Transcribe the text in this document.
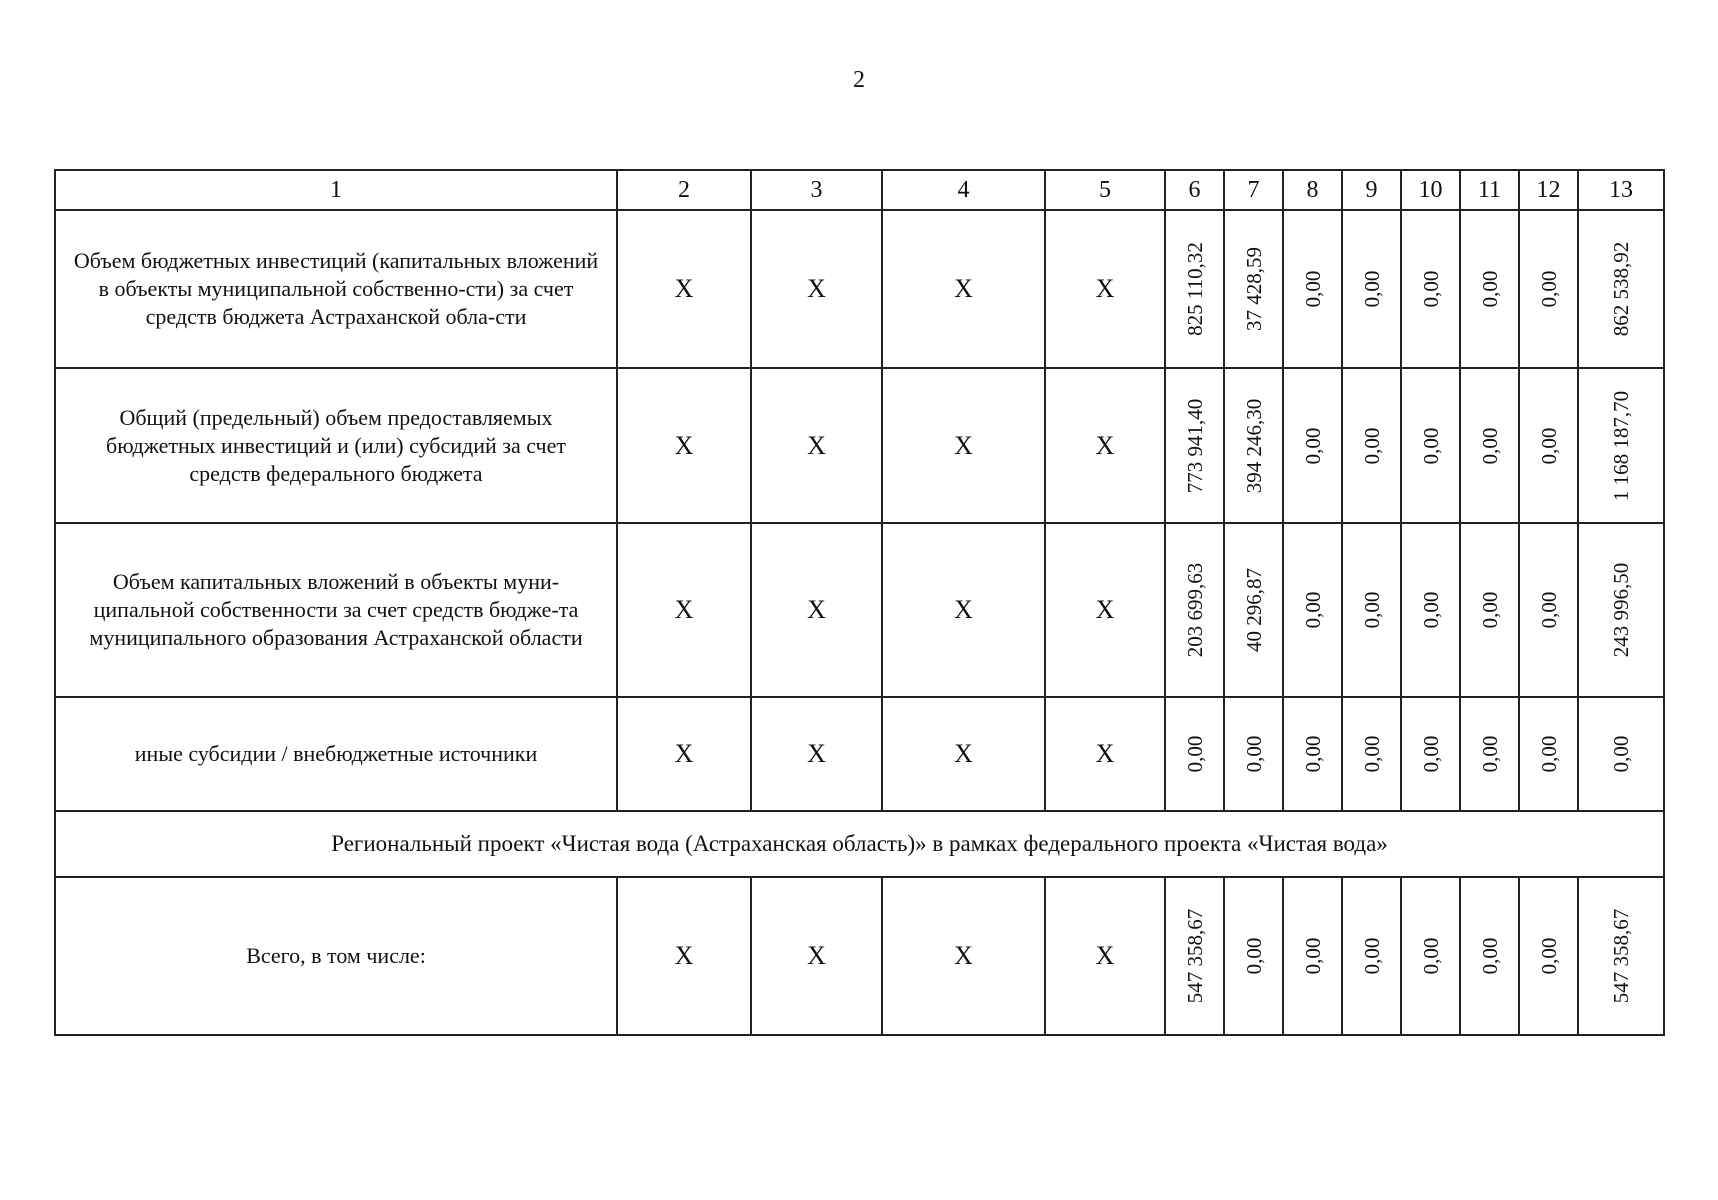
2
1	2	3	4	5	6	7	8	9	10	11	12	13
Объем бюджетных инвестиций (капитальных вложений в объекты муниципальной собственно-сти) за счет средств бюджета Астраханской обла-сти	X	X	X	X	825 110,32	37 428,59	0,00	0,00	0,00	0,00	0,00	862 538,92

Общий (предельный) объем предоставляемых бюджетных инвестиций и (или) субсидий за счет средств федерального бюджета	X	X	X	X	773 941,40	394 246,30	0,00	0,00	0,00	0,00	0,00	1 168 187,70

Объем капитальных вложений в объекты муни-ципальной собственности за счет средств бюдже-та муниципального образования Астраханской области	X	X	X	X	203 699,63	40 296,87	0,00	0,00	0,00	0,00	0,00	243 996,50

иные субсидии / внебюджетные источники	X	X	X	X	0,00	0,00	0,00	0,00	0,00	0,00	0,00	0,00

Региональный проект «Чистая вода (Астраханская область)» в рамках федерального проекта «Чистая вода»												
Всего, в том числе:	X	X	X	X	547 358,67	0,00	0,00	0,00	0,00	0,00	0,00	547 358,67
